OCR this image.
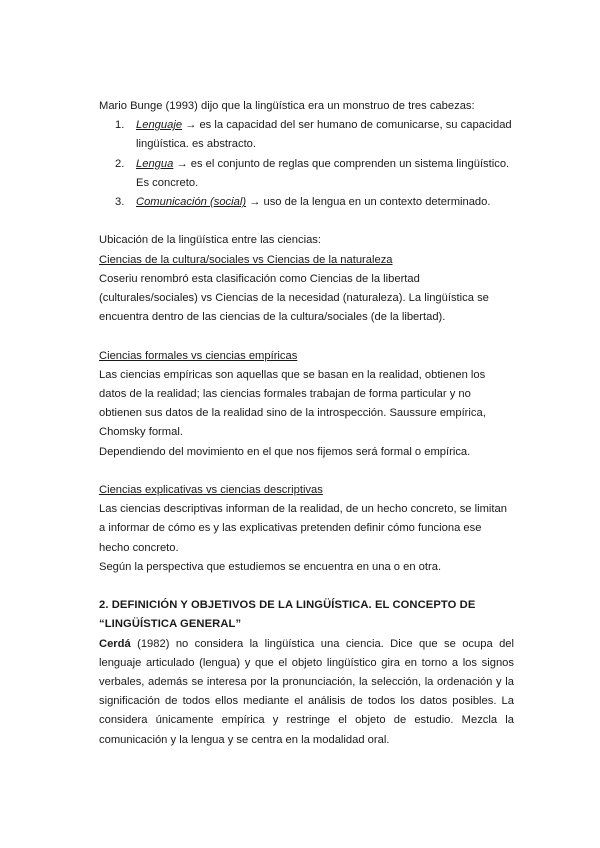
Mario Bunge (1993) dijo que la lingüística era un monstruo de tres cabezas:

1. Lenguaje → es la capacidad del ser humano de comunicarse, su capacidad lingüística. es abstracto.
2. Lengua → es el conjunto de reglas que comprenden un sistema lingüístico. Es concreto.
3. Comunicación (social) → uso de la lengua en un contexto determinado.

Ubicación de la lingüística entre las ciencias:

Ciencias de la cultura/sociales vs Ciencias de la naturaleza

Coseriu renombró esta clasificación como Ciencias de la libertad (culturales/sociales) vs Ciencias de la necesidad (naturaleza). La lingüística se encuentra dentro de las ciencias de la cultura/sociales (de la libertad).

Ciencias formales vs ciencias empíricas

Las ciencias empíricas son aquellas que se basan en la realidad, obtienen los datos de la realidad; las ciencias formales trabajan de forma particular y no obtienen sus datos de la realidad sino de la introspección. Saussure empírica, Chomsky formal.

Dependiendo del movimiento en el que nos fijemos será formal o empírica.

Ciencias explicativas vs ciencias descriptivas

Las ciencias descriptivas informan de la realidad, de un hecho concreto, se limitan a informar de cómo es y las explicativas pretenden definir cómo funciona ese hecho concreto.

Según la perspectiva que estudiemos se encuentra en una o en otra.

2. DEFINICIÓN Y OBJETIVOS DE LA LINGÜÍSTICA. EL CONCEPTO DE “LINGÜÍSTICA GENERAL”

Cerdá (1982) no considera la lingüística una ciencia. Dice que se ocupa del lenguaje articulado (lengua) y que el objeto lingüístico gira en torno a los signos verbales, además se interesa por la pronunciación, la selección, la ordenación y la significación de todos ellos mediante el análisis de todos los datos posibles. La considera únicamente empírica y restringe el objeto de estudio. Mezcla la comunicación y la lengua y se centra en la modalidad oral.
